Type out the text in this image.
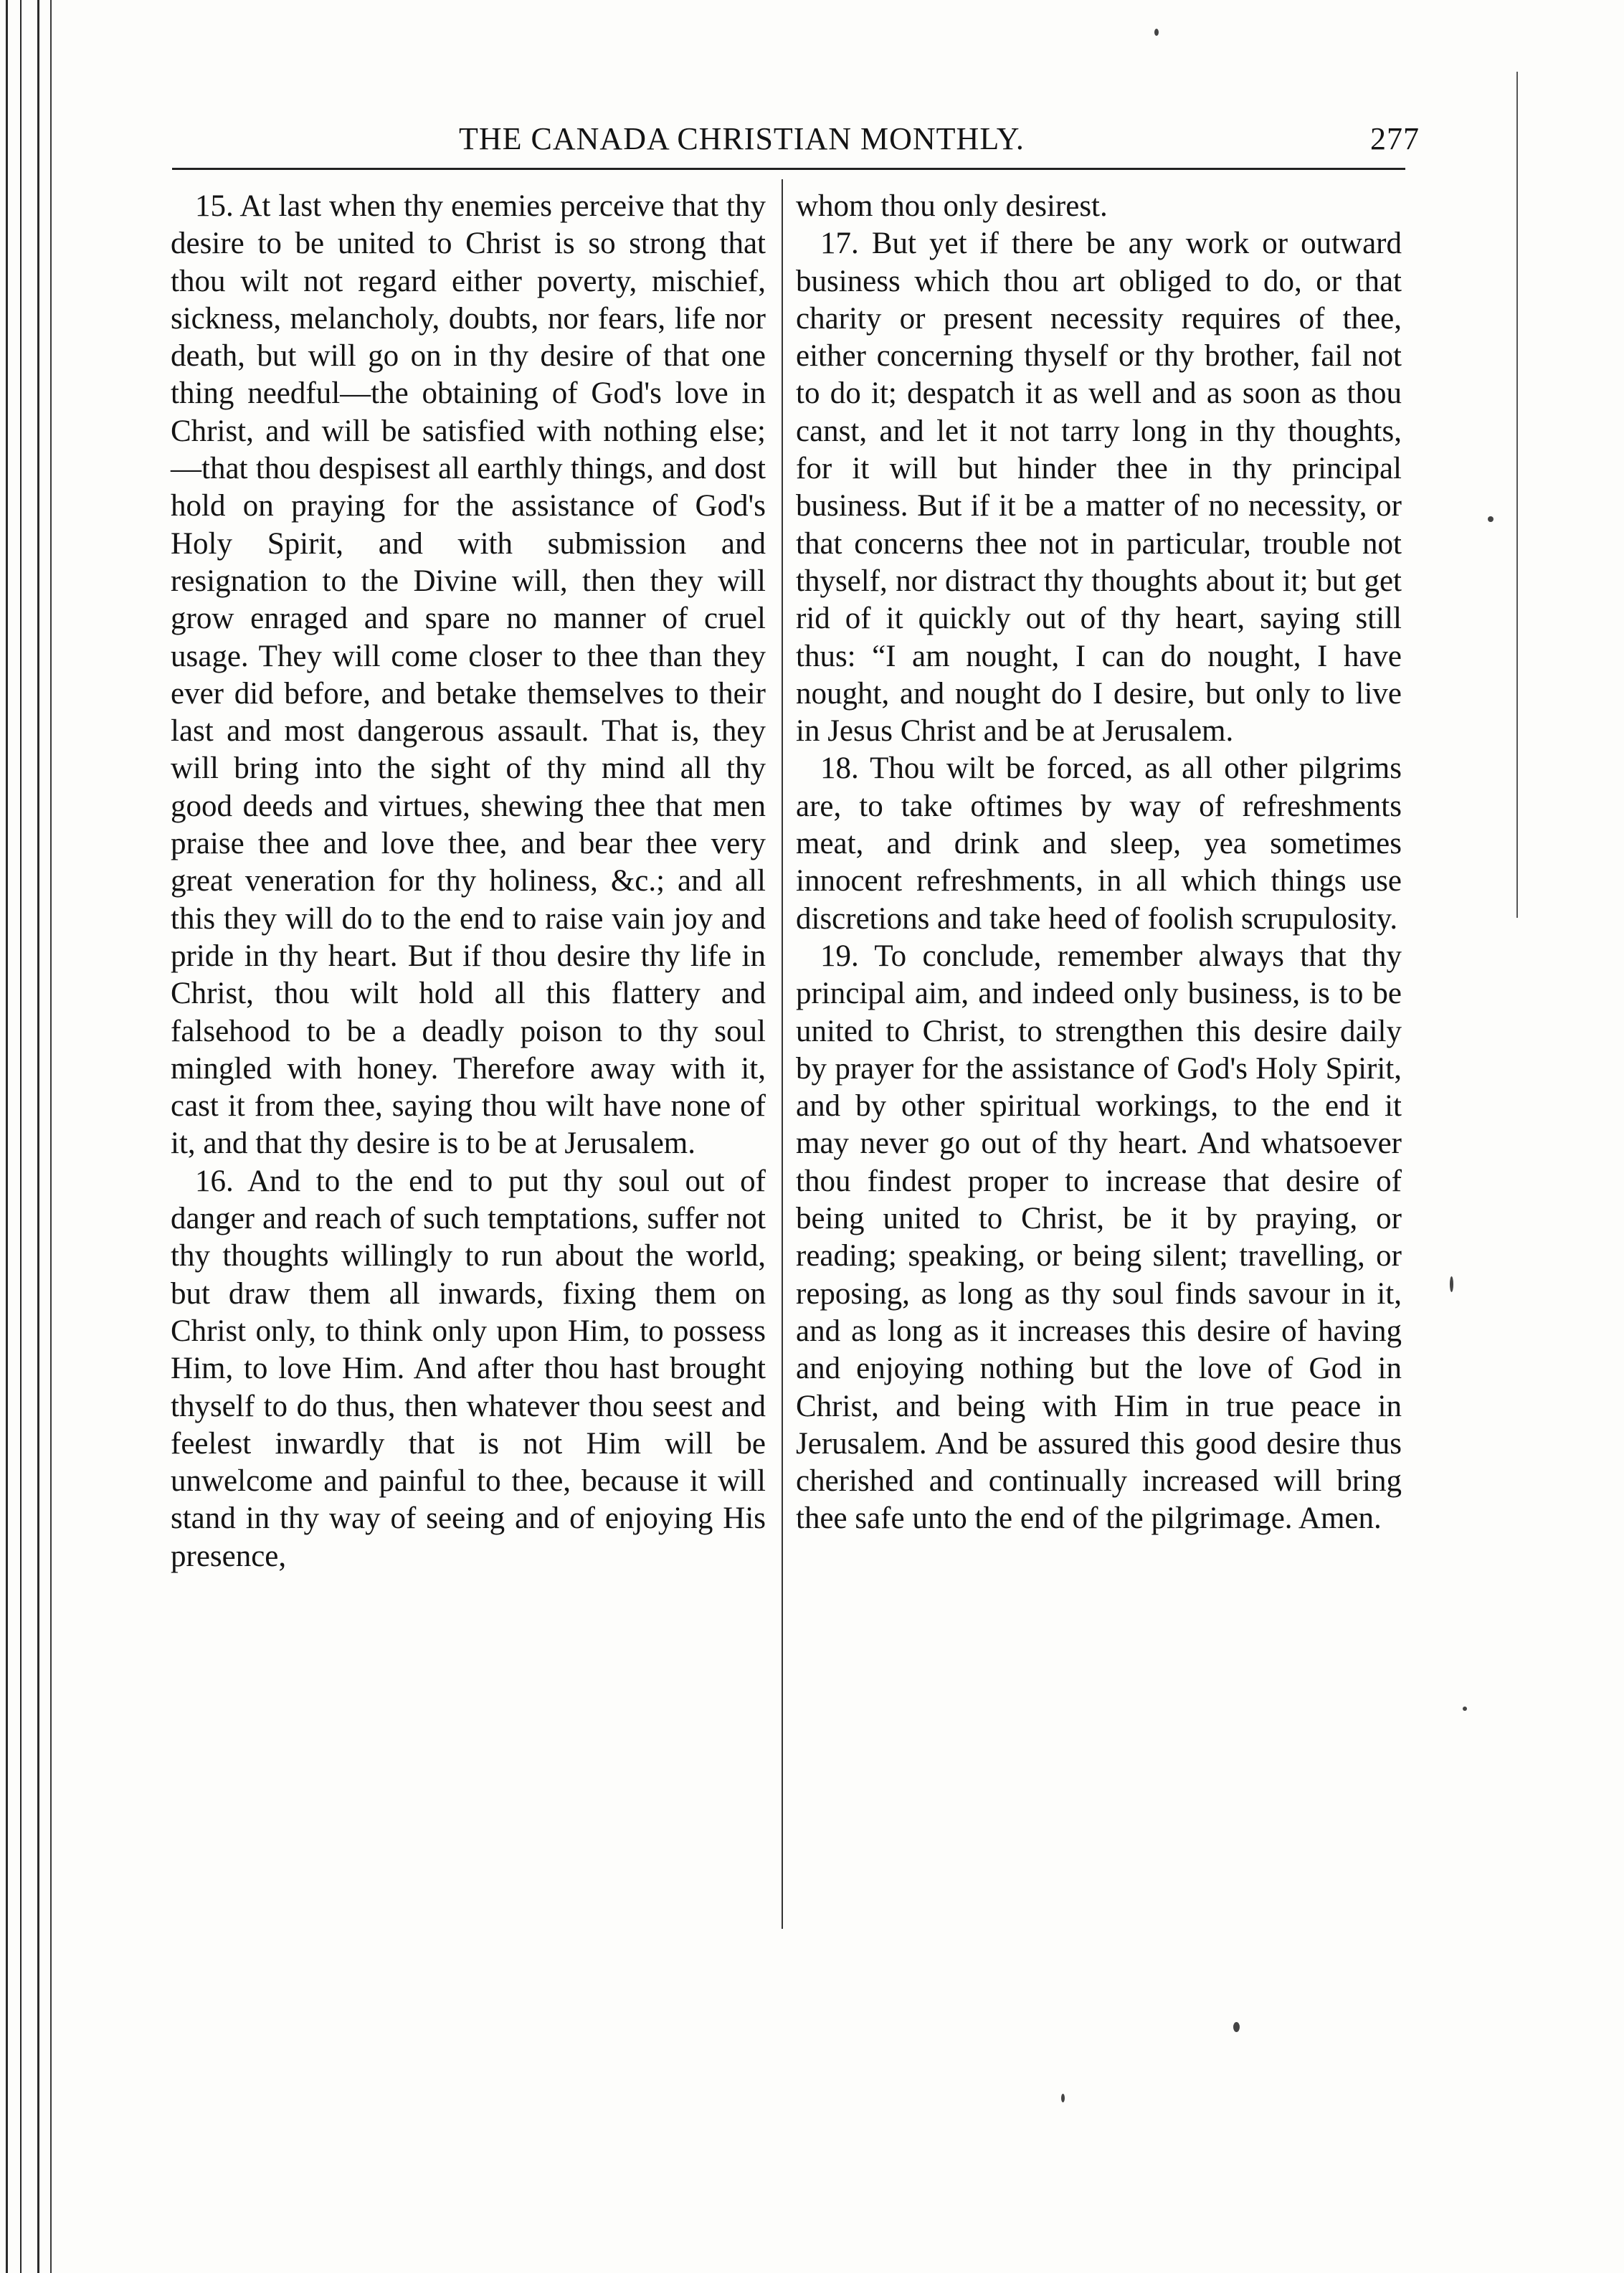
THE CANADA CHRISTIAN MONTHLY.	277

15. At last when thy enemies perceive that thy desire to be united to Christ is so strong that thou wilt not regard either poverty, mischief, sickness, melancholy, doubts, nor fears, life nor death, but will go on in thy desire of that one thing needful—the obtaining of God's love in Christ, and will be satisfied with nothing else;—that thou despisest all earthly things, and dost hold on praying for the assistance of God's Holy Spirit, and with submission and resignation to the Divine will, then they will grow enraged and spare no manner of cruel usage. They will come closer to thee than they ever did before, and betake themselves to their last and most dangerous assault. That is, they will bring into the sight of thy mind all thy good deeds and virtues, shewing thee that men praise thee and love thee, and bear thee very great veneration for thy holiness, &c.; and all this they will do to the end to raise vain joy and pride in thy heart. But if thou desire thy life in Christ, thou wilt hold all this flattery and falsehood to be a deadly poison to thy soul mingled with honey. Therefore away with it, cast it from thee, saying thou wilt have none of it, and that thy desire is to be at Jerusalem.

16. And to the end to put thy soul out of danger and reach of such temptations, suffer not thy thoughts willingly to run about the world, but draw them all inwards, fixing them on Christ only, to think only upon Him, to possess Him, to love Him. And after thou hast brought thyself to do thus, then whatever thou seest and feelest inwardly that is not Him will be unwelcome and painful to thee, because it will stand in thy way of seeing and of enjoying His presence,

whom thou only desirest.

17. But yet if there be any work or outward business which thou art obliged to do, or that charity or present necessity requires of thee, either concerning thyself or thy brother, fail not to do it; despatch it as well and as soon as thou canst, and let it not tarry long in thy thoughts, for it will but hinder thee in thy principal business. But if it be a matter of no necessity, or that concerns thee not in particular, trouble not thyself, nor distract thy thoughts about it; but get rid of it quickly out of thy heart, saying still thus: “I am nought, I can do nought, I have nought, and nought do I desire, but only to live in Jesus Christ and be at Jerusalem.

18. Thou wilt be forced, as all other pilgrims are, to take oftimes by way of refreshments meat, and drink and sleep, yea sometimes innocent refreshments, in all which things use discretions and take heed of foolish scrupulosity.

19. To conclude, remember always that thy principal aim, and indeed only business, is to be united to Christ, to strengthen this desire daily by prayer for the assistance of God's Holy Spirit, and by other spiritual workings, to the end it may never go out of thy heart. And whatsoever thou findest proper to increase that desire of being united to Christ, be it by praying, or reading; speaking, or being silent; travelling, or reposing, as long as thy soul finds savour in it, and as long as it increases this desire of having and enjoying nothing but the love of God in Christ, and being with Him in true peace in Jerusalem. And be assured this good desire thus cherished and continually increased will bring thee safe unto the end of the pilgrimage. Amen.
